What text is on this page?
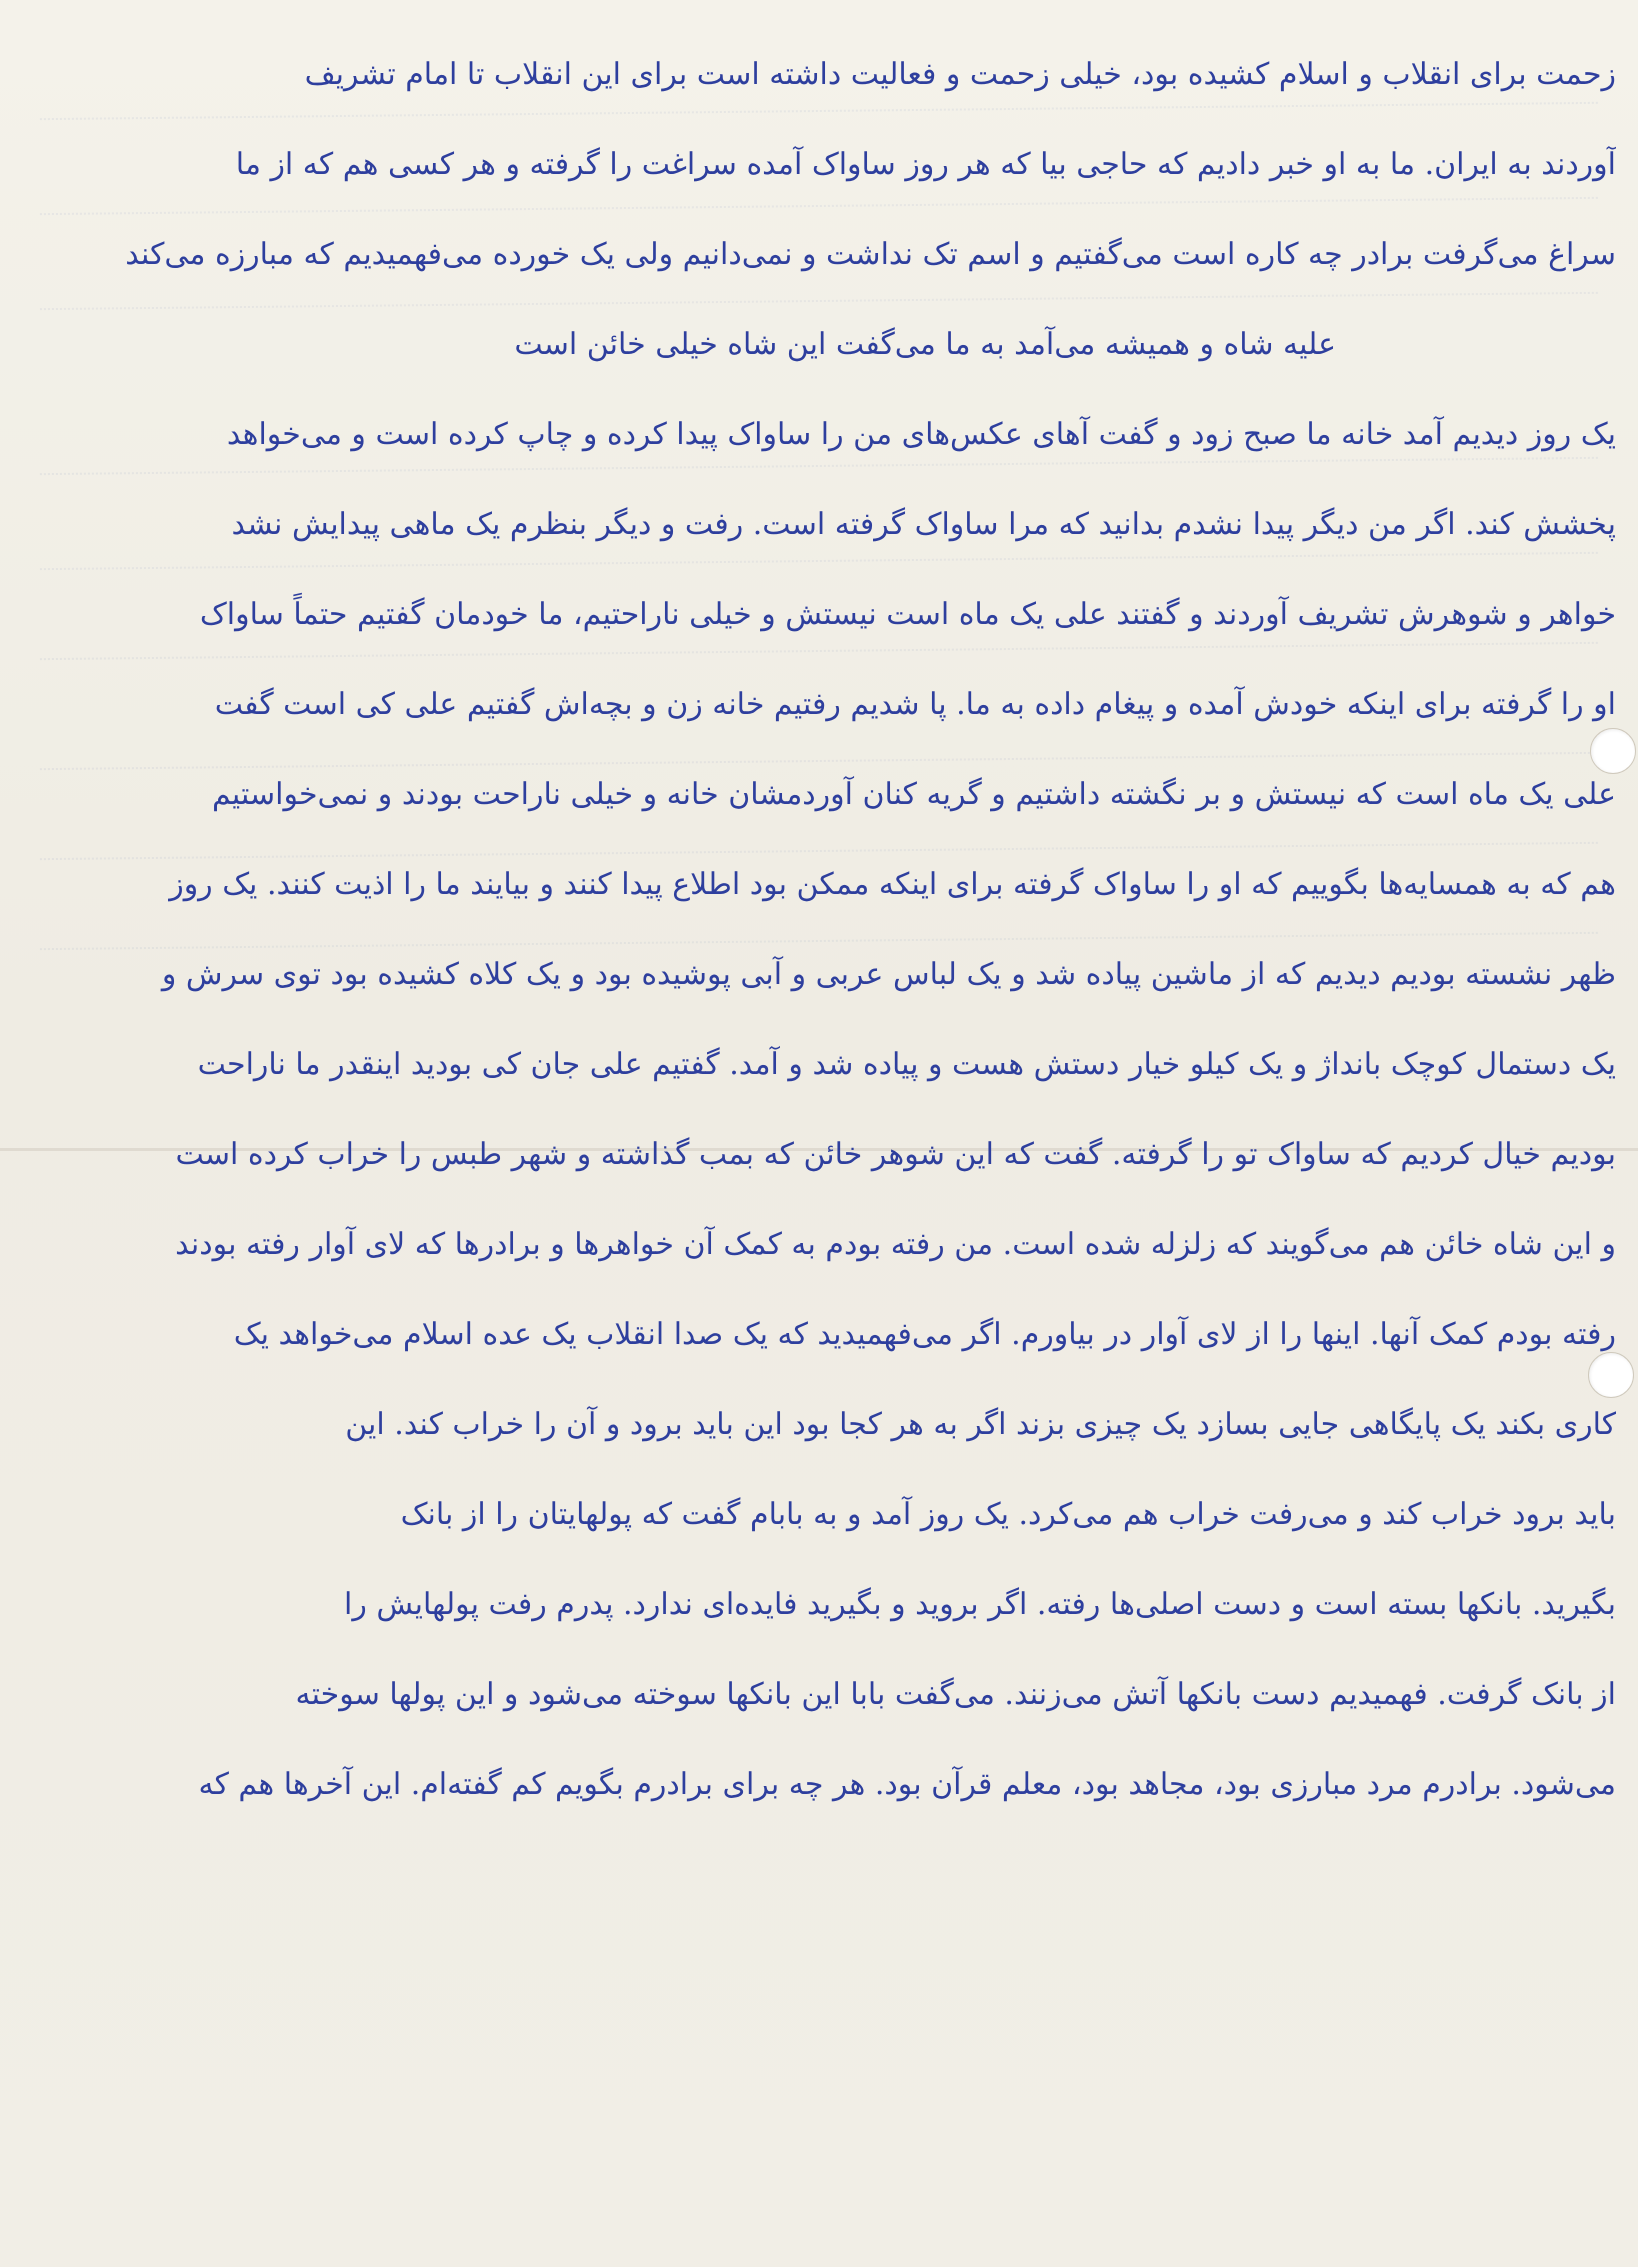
زحمت برای انقلاب و اسلام کشیده بود، خیلی زحمت و فعالیت داشته است برای این انقلاب تا امام تشریف
آوردند به ایران. ما به او خبر دادیم که حاجی بیا که هر روز ساواک آمده سراغت را گرفته و هر کسی هم که از ما
سراغ می‌گرفت برادر چه کاره است می‌گفتیم و اسم تک نداشت و نمی‌دانیم ولی یک خورده می‌فهمیدیم که مبارزه می‌کند
علیه شاه و همیشه می‌آمد به ما می‌گفت این شاه خیلی خائن است
یک روز دیدیم آمد خانه ما صبح زود و گفت آهای عکس‌های من را ساواک پیدا کرده و چاپ کرده است و می‌خواهد
پخشش کند. اگر من دیگر پیدا نشدم بدانید که مرا ساواک گرفته است. رفت و دیگر بنظرم یک ماهی پیدایش نشد
خواهر و شوهرش تشریف آوردند و گفتند علی یک ماه است نیستش و خیلی ناراحتیم، ما خودمان گفتیم حتماً ساواک
او را گرفته برای اینکه خودش آمده و پیغام داده به ما. پا شدیم رفتیم خانه زن و بچه‌اش گفتیم علی کی است گفت
علی یک ماه است که نیستش و بر نگشته داشتیم و گریه کنان آوردمشان خانه و خیلی ناراحت بودند و نمی‌خواستیم
هم که به همسایه‌ها بگوییم که او را ساواک گرفته برای اینکه ممکن بود اطلاع پیدا کنند و بیایند ما را اذیت کنند. یک روز
ظهر نشسته بودیم دیدیم که از ماشین پیاده شد و یک لباس عربی و آبی پوشیده بود و یک کلاه کشیده بود توی سرش و
یک دستمال کوچک بانداژ و یک کیلو خیار دستش هست و پیاده شد و آمد. گفتیم علی جان کی بودید اینقدر ما ناراحت
بودیم خیال کردیم که ساواک تو را گرفته. گفت که این شوهر خائن که بمب گذاشته و شهر طبس را خراب کرده است
و این شاه خائن هم می‌گویند که زلزله شده است. من رفته بودم به کمک آن خواهرها و برادرها که لای آوار رفته بودند
رفته بودم کمک آنها. اینها را از لای آوار در بیاورم. اگر می‌فهمیدید که یک صدا انقلاب یک عده اسلام می‌خواهد یک
کاری بکند یک پایگاهی جایی بسازد یک چیزی بزند اگر به هر کجا بود این باید برود و آن را خراب کند. این
باید برود خراب کند و می‌رفت خراب هم می‌کرد. یک روز آمد و به بابام گفت که پولهایتان را از بانک
بگیرید. بانکها بسته است و دست اصلی‌ها رفته. اگر بروید و بگیرید فایده‌ای ندارد. پدرم رفت پولهایش را
از بانک گرفت. فهمیدیم دست بانکها آتش می‌زنند. می‌گفت بابا این بانکها سوخته می‌شود و این پولها سوخته
می‌شود. برادرم مرد مبارزی بود، مجاهد بود، معلم قرآن بود. هر چه برای برادرم بگویم کم گفته‌ام. این آخرها هم که
